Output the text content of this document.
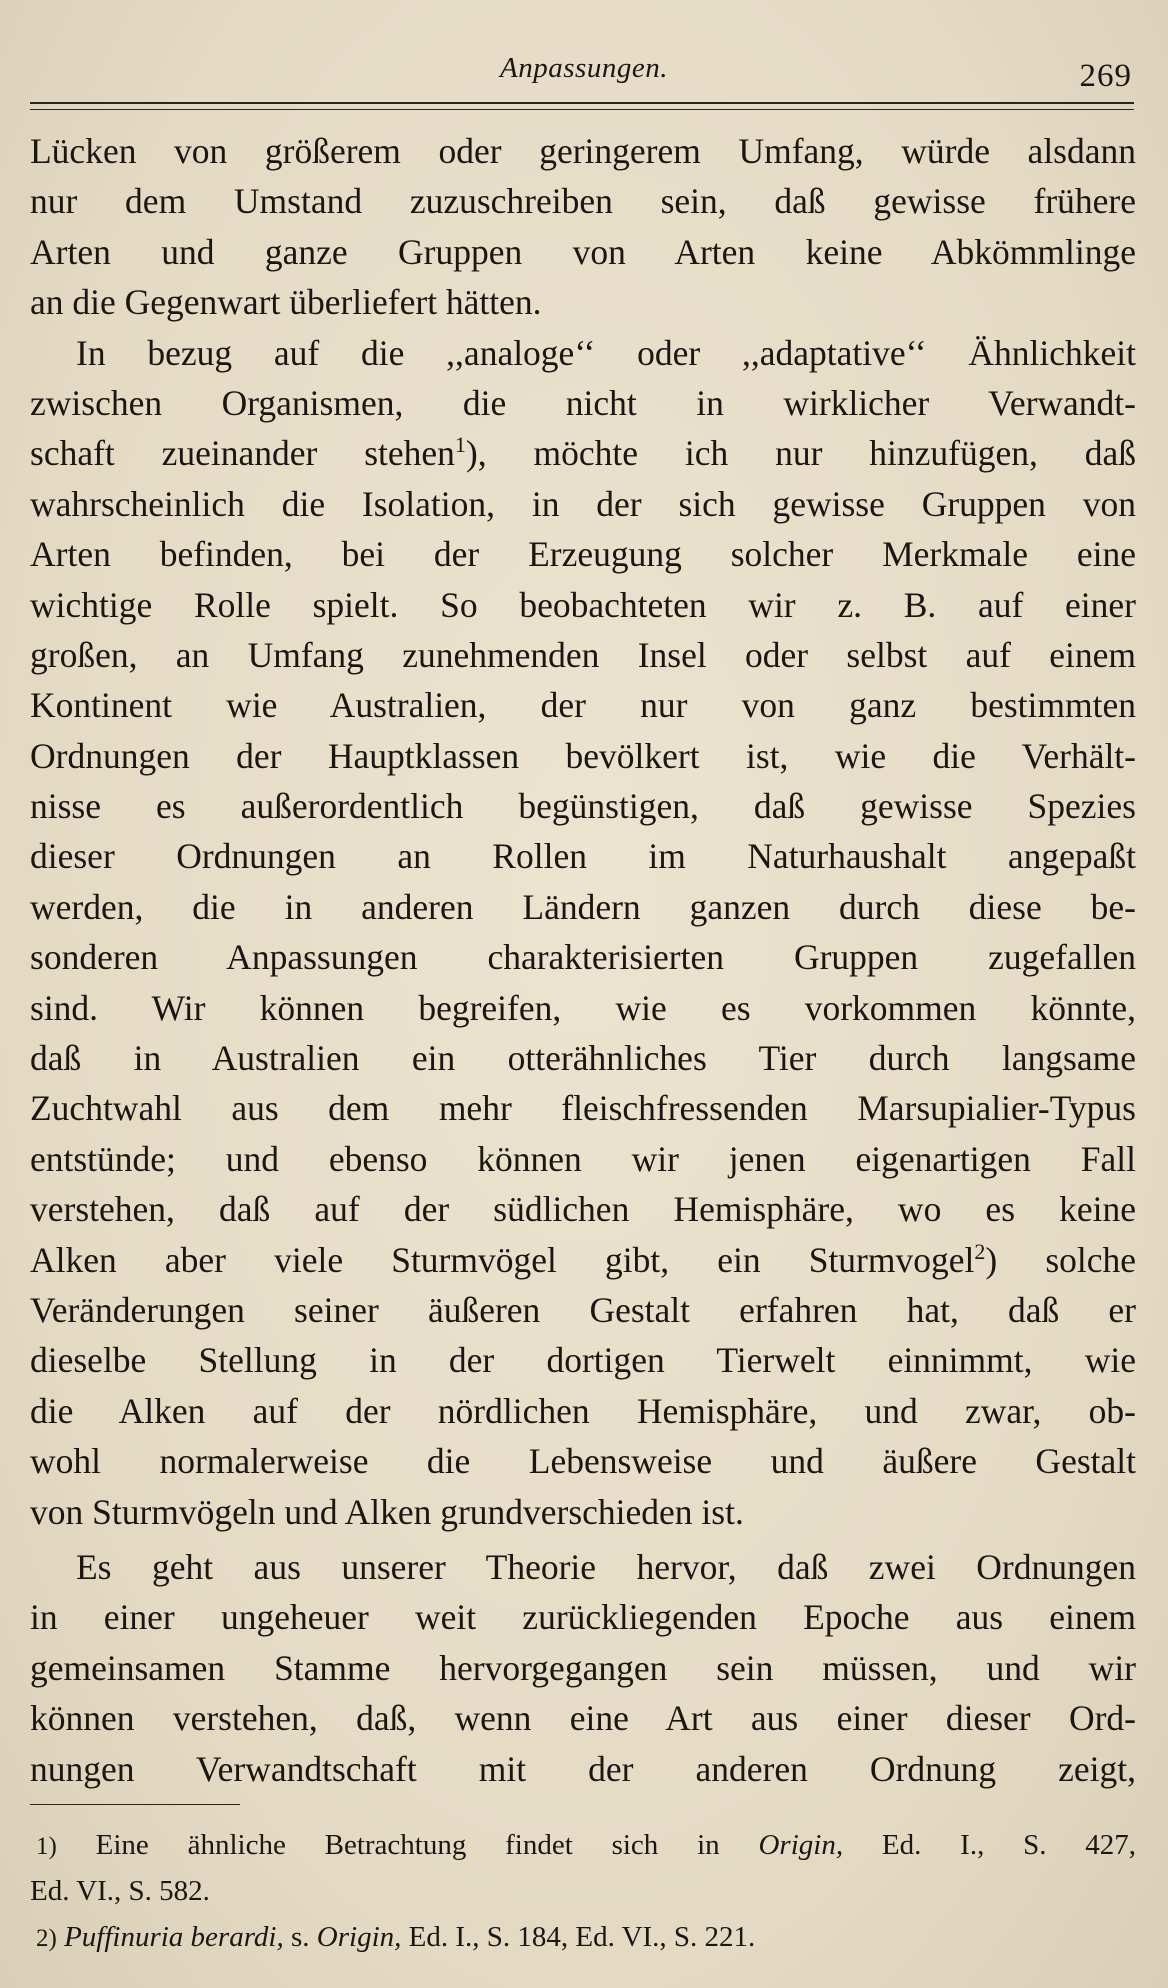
Anpassungen.	269
Lücken von größerem oder geringerem Umfang, würde alsdann
nur dem Umstand zuzuschreiben sein, daß gewisse frühere
Arten und ganze Gruppen von Arten keine Abkömmlinge
an die Gegenwart überliefert hätten.
In bezug auf die ,,analoge‘‘ oder ,,adaptative‘‘ Ähnlichkeit
zwischen Organismen, die nicht in wirklicher Verwandt-
schaft zueinander stehen$^1$), möchte ich nur hinzufügen, daß
wahrscheinlich die Isolation, in der sich gewisse Gruppen von
Arten befinden, bei der Erzeugung solcher Merkmale eine
wichtige Rolle spielt. So beobachteten wir z. B. auf einer
großen, an Umfang zunehmenden Insel oder selbst auf einem
Kontinent wie Australien, der nur von ganz bestimmten
Ordnungen der Hauptklassen bevölkert ist, wie die Verhält-
nisse es außerordentlich begünstigen, daß gewisse Spezies
dieser Ordnungen an Rollen im Naturhaushalt angepaßt
werden, die in anderen Ländern ganzen durch diese be-
sonderen Anpassungen charakterisierten Gruppen zugefallen
sind. Wir können begreifen, wie es vorkommen könnte,
daß in Australien ein otterähnliches Tier durch langsame
Zuchtwahl aus dem mehr fleischfressenden Marsupialier-Typus
entstünde; und ebenso können wir jenen eigenartigen Fall
verstehen, daß auf der südlichen Hemisphäre, wo es keine
Alken aber viele Sturmvögel gibt, ein Sturmvogel$^2$) solche
Veränderungen seiner äußeren Gestalt erfahren hat, daß er
dieselbe Stellung in der dortigen Tierwelt einnimmt, wie
die Alken auf der nördlichen Hemisphäre, und zwar, ob-
wohl normalerweise die Lebensweise und äußere Gestalt
von Sturmvögeln und Alken grundverschieden ist.
Es geht aus unserer Theorie hervor, daß zwei Ordnungen
in einer ungeheuer weit zurückliegenden Epoche aus einem
gemeinsamen Stamme hervorgegangen sein müssen, und wir
können verstehen, daß, wenn eine Art aus einer dieser Ord-
nungen Verwandtschaft mit der anderen Ordnung zeigt,
1) Eine ähnliche Betrachtung findet sich in Origin, Ed. I., S. 427,
Ed. VI., S. 582.
2) Puffinuria berardi, s. Origin, Ed. I., S. 184, Ed. VI., S. 221.
